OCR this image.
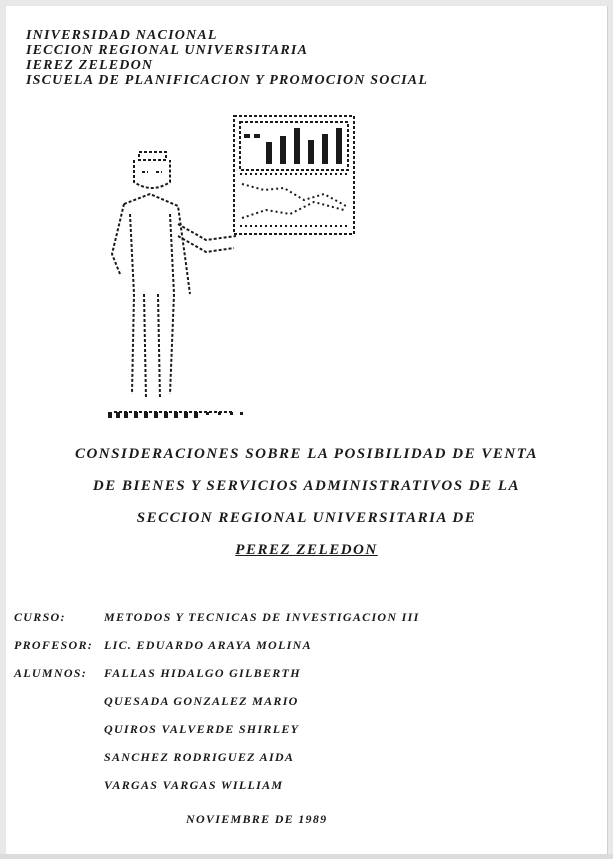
INIVERSIDAD NACIONAL
IECCION REGIONAL UNIVERSITARIA
IEREZ ZELEDON
ISCUELA DE PLANIFICACION Y PROMOCION SOCIAL
CONSIDERACIONES SOBRE LA POSIBILIDAD DE VENTA
DE BIENES Y SERVICIOS ADMINISTRATIVOS DE LA
SECCION REGIONAL UNIVERSITARIA DE
PEREZ ZELEDON
CURSO:	METODOS Y TECNICAS DE INVESTIGACION III
PROFESOR: LIC. EDUARDO ARAYA MOLINA
ALUMNOS: FALLAS HIDALGO GILBERTH
QUESADA GONZALEZ MARIO
QUIROS VALVERDE SHIRLEY
SANCHEZ RODRIGUEZ AIDA
VARGAS VARGAS WILLIAM
NOVIEMBRE DE 1989
